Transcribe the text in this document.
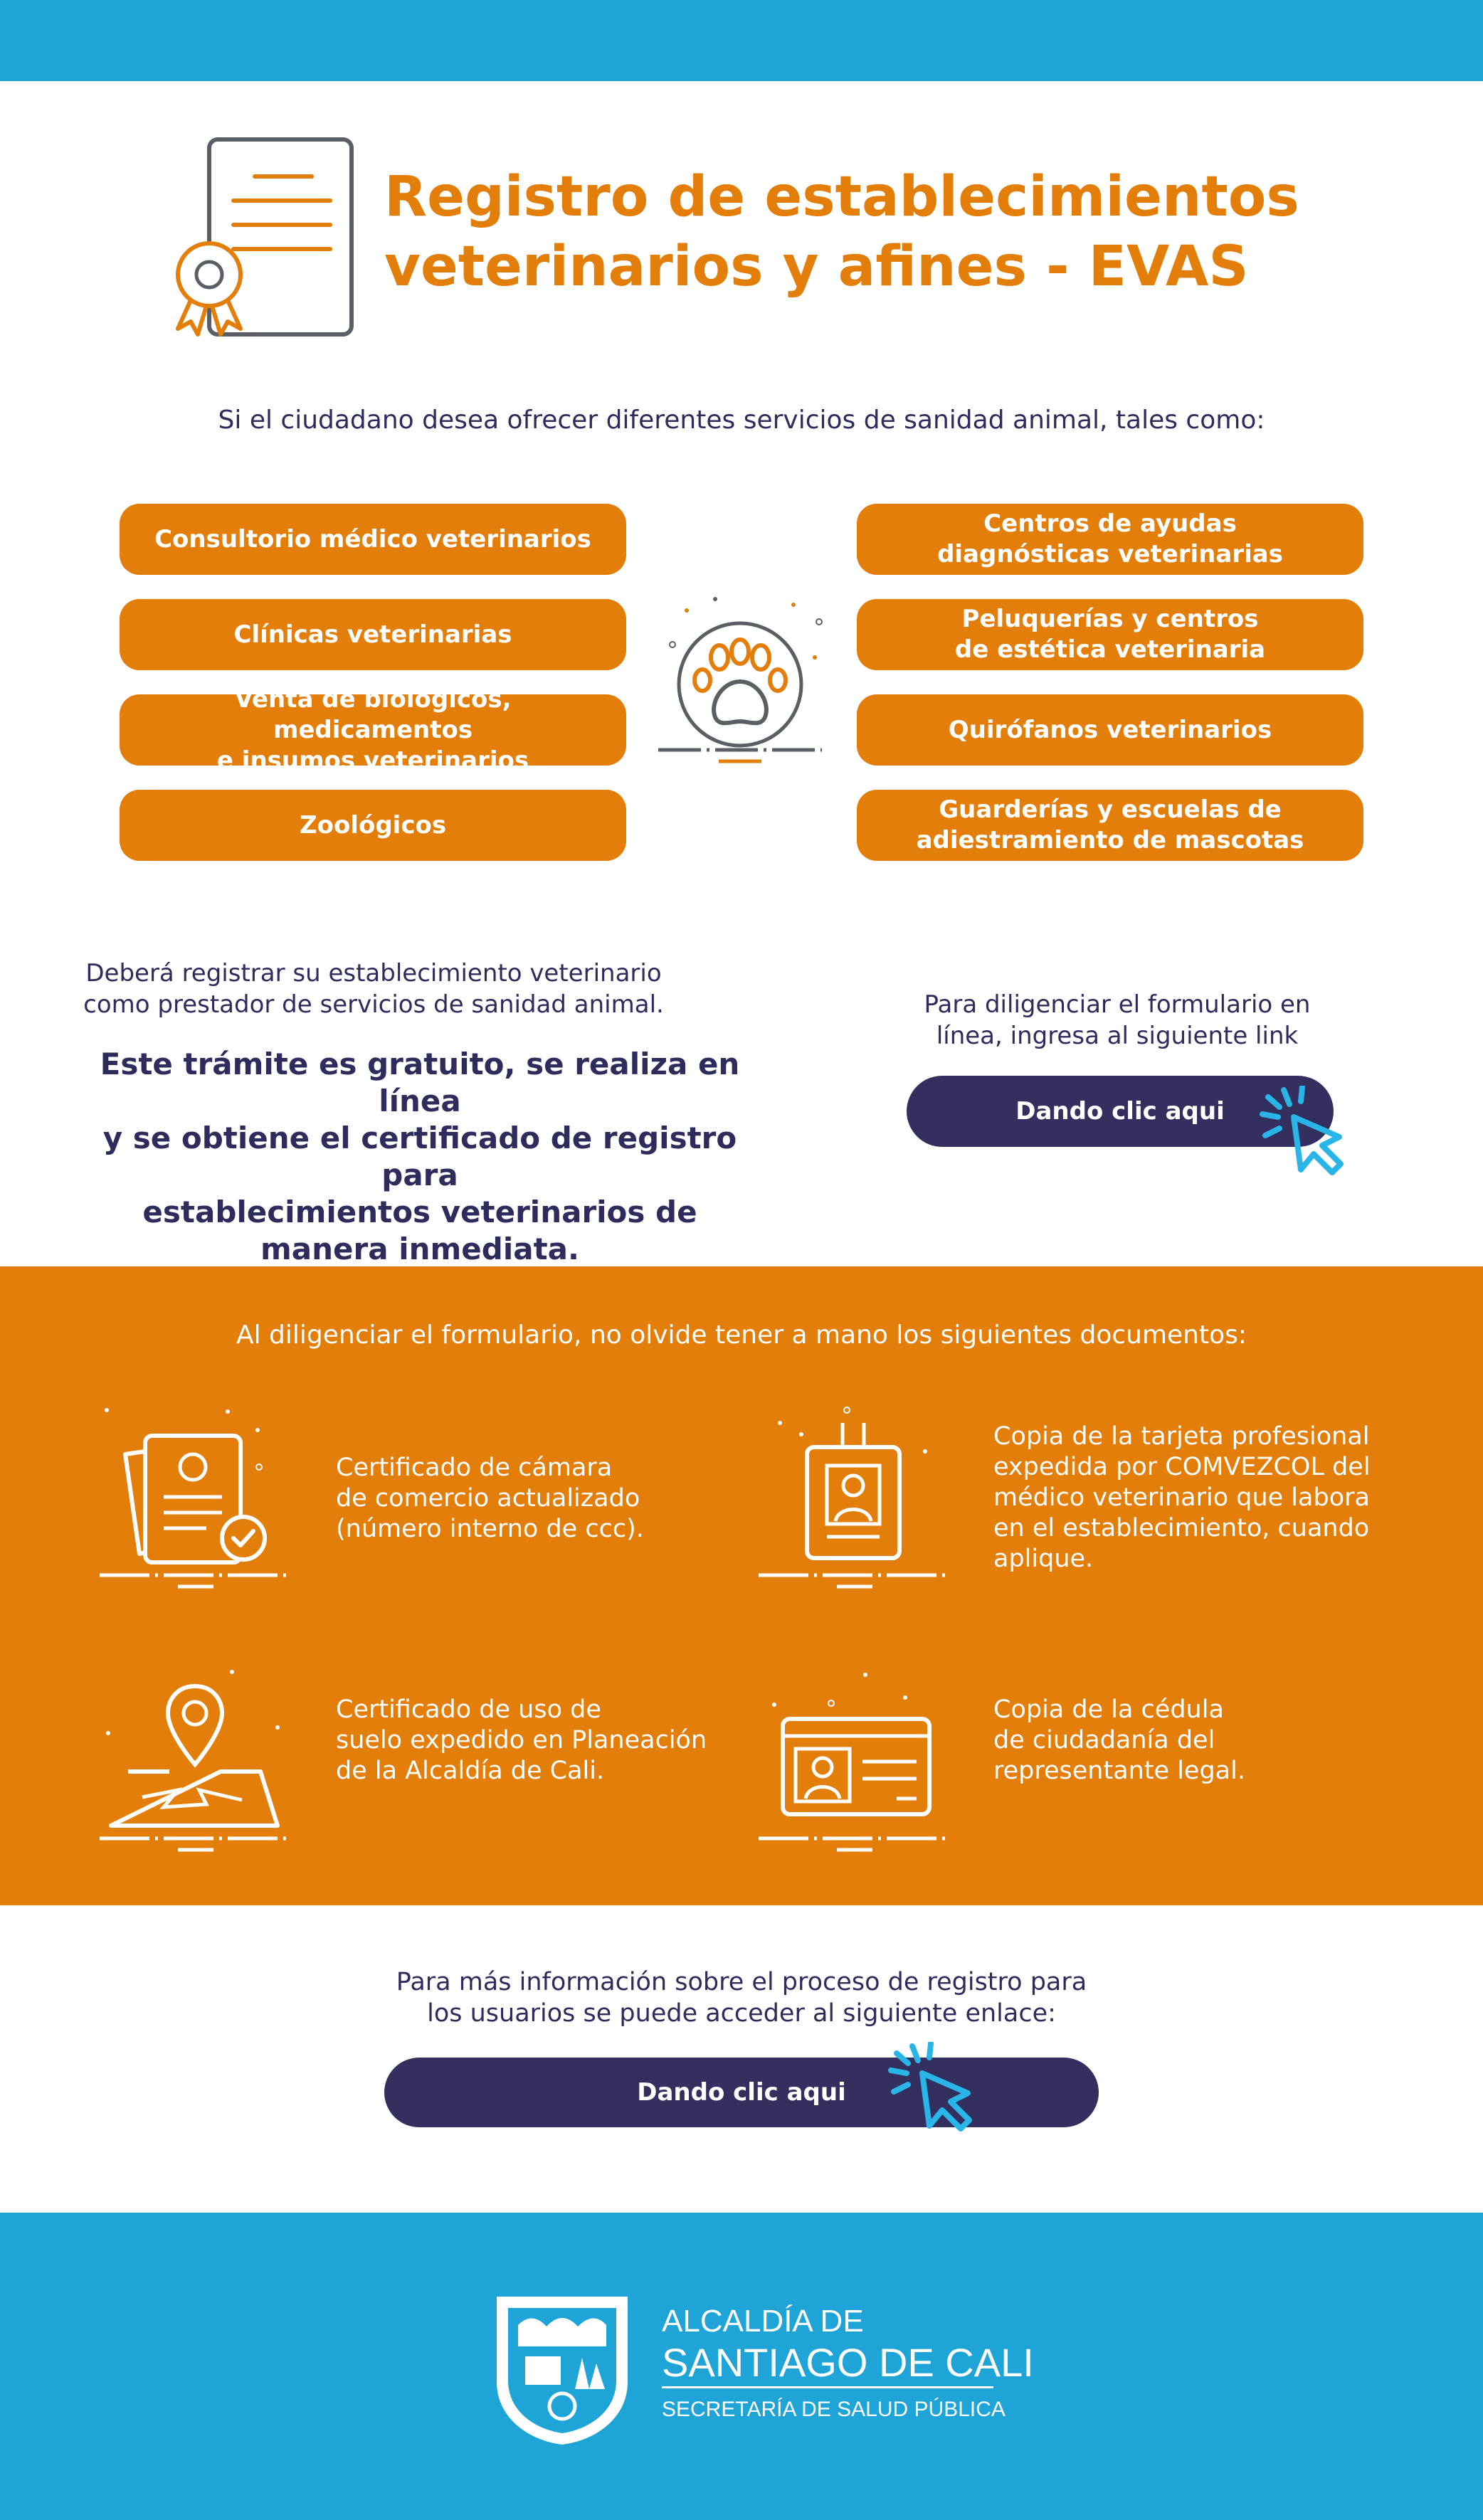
Registro de establecimientos
veterinarios y afines - EVAS
Si el ciudadano desea ofrecer diferentes servicios de sanidad animal, tales como:
Consultorio médico veterinarios
Clínicas veterinarias
Venta de biológicos, medicamentos
e insumos veterinarios
Zoológicos
Centros de ayudas
diagnósticas veterinarias
Peluquerías y centros
de estética veterinaria
Quirófanos veterinarios
Guarderías y escuelas de
adiestramiento de mascotas
Deberá registrar su establecimiento veterinario
como prestador de servicios de sanidad animal.
Este trámite es gratuito, se realiza en línea
y se obtiene el certificado de registro para
establecimientos veterinarios de
manera inmediata.
Para diligenciar el formulario en
línea, ingresa al siguiente link
Dando clic aqui
Al diligenciar el formulario, no olvide tener a mano los siguientes documentos:
Certificado de cámara
de comercio actualizado
(número interno de ccc).
Copia de la tarjeta profesional
expedida por COMVEZCOL del
médico veterinario que labora
en el establecimiento, cuando
aplique.
Certificado de uso de
suelo expedido en Planeación
de la Alcaldía de Cali.
Copia de la cédula
de ciudadanía del
representante legal.
Para más información sobre el proceso de registro para
los usuarios se puede acceder al siguiente enlace:
Dando clic aqui
ALCALDÍA DE
SANTIAGO DE CALI
SECRETARÍA DE SALUD PÚBLICA
